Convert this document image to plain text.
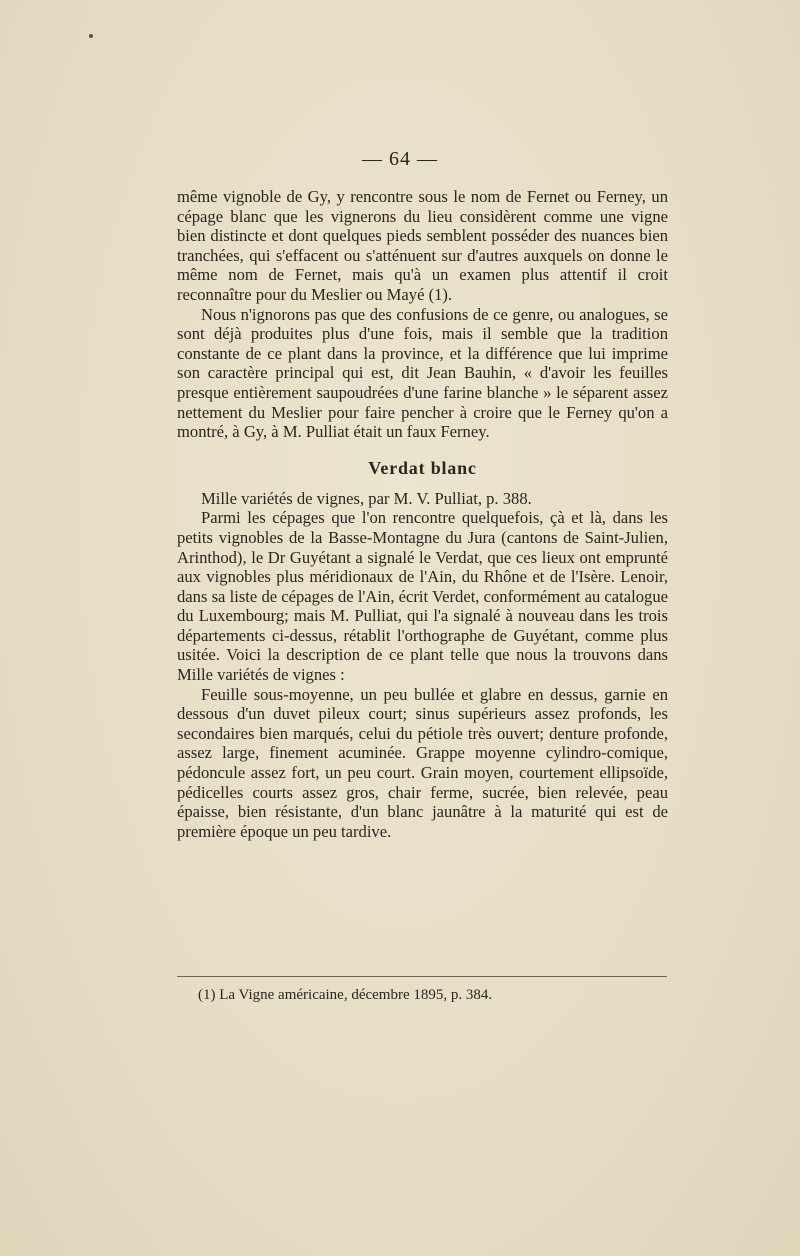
— 64 —

même vignoble de Gy, y rencontre sous le nom de Fernet ou Ferney, un cépage blanc que les vignerons du lieu considèrent comme une vigne bien distincte et dont quelques pieds semblent posséder des nuances bien tranchées, qui s'effacent ou s'atténuent sur d'autres auxquels on donne le même nom de Fernet, mais qu'à un examen plus attentif il croit reconnaître pour du Meslier ou Mayé (1).

Nous n'ignorons pas que des confusions de ce genre, ou analogues, se sont déjà produites plus d'une fois, mais il semble que la tradition constante de ce plant dans la province, et la différence que lui imprime son caractère principal qui est, dit Jean Bauhin, « d'avoir les feuilles presque entièrement saupoudrées d'une farine blanche » le séparent assez nettement du Meslier pour faire pencher à croire que le Ferney qu'on a montré, à Gy, à M. Pulliat était un faux Ferney.

Verdat blanc

Mille variétés de vignes, par M. V. Pulliat, p. 388.

Parmi les cépages que l'on rencontre quelquefois, çà et là, dans les petits vignobles de la Basse-Montagne du Jura (cantons de Saint-Julien, Arinthod), le Dr Guyétant a signalé le Verdat, que ces lieux ont emprunté aux vignobles plus méridionaux de l'Ain, du Rhône et de l'Isère. Lenoir, dans sa liste de cépages de l'Ain, écrit Verdet, conformément au catalogue du Luxembourg; mais M. Pulliat, qui l'a signalé à nouveau dans les trois départements ci-dessus, rétablit l'orthographe de Guyétant, comme plus usitée. Voici la description de ce plant telle que nous la trouvons dans Mille variétés de vignes :

Feuille sous-moyenne, un peu bullée et glabre en dessus, garnie en dessous d'un duvet pileux court; sinus supérieurs assez profonds, les secondaires bien marqués, celui du pétiole très ouvert; denture profonde, assez large, finement acuminée. Grappe moyenne cylindro-comique, pédoncule assez fort, un peu court. Grain moyen, courtement ellipsoïde, pédicelles courts assez gros, chair ferme, sucrée, bien relevée, peau épaisse, bien résistante, d'un blanc jaunâtre à la maturité qui est de première époque un peu tardive.

(1) La Vigne américaine, décembre 1895, p. 384.
